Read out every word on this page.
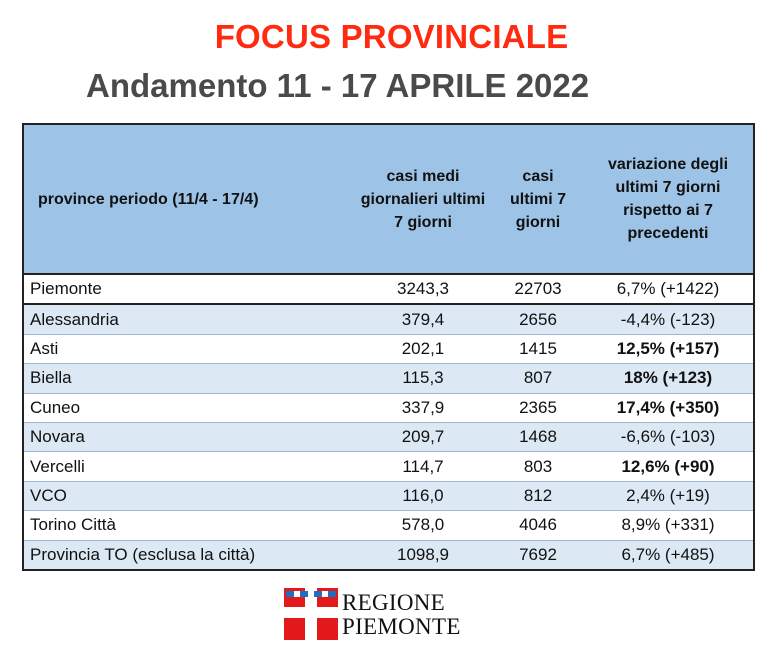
FOCUS PROVINCIALE
Andamento 11 - 17 APRILE 2022
province periodo (11/4 - 17/4)	casi medi giornalieri ultimi 7 giorni	casi ultimi 7 giorni	variazione degli ultimi 7 giorni rispetto ai 7 precedenti
Piemonte	3243,3	22703	6,7% (+1422)
Alessandria	379,4	2656	-4,4% (-123)
Asti	202,1	1415	12,5% (+157)
Biella	115,3	807	18% (+123)
Cuneo	337,9	2365	17,4% (+350)
Novara	209,7	1468	-6,6% (-103)
Vercelli	114,7	803	12,6% (+90)
VCO	116,0	812	2,4% (+19)
Torino Città	578,0	4046	8,9% (+331)
Provincia TO (esclusa la città)	1098,9	7692	6,7% (+485)
REGIONE
PIEMONTE
